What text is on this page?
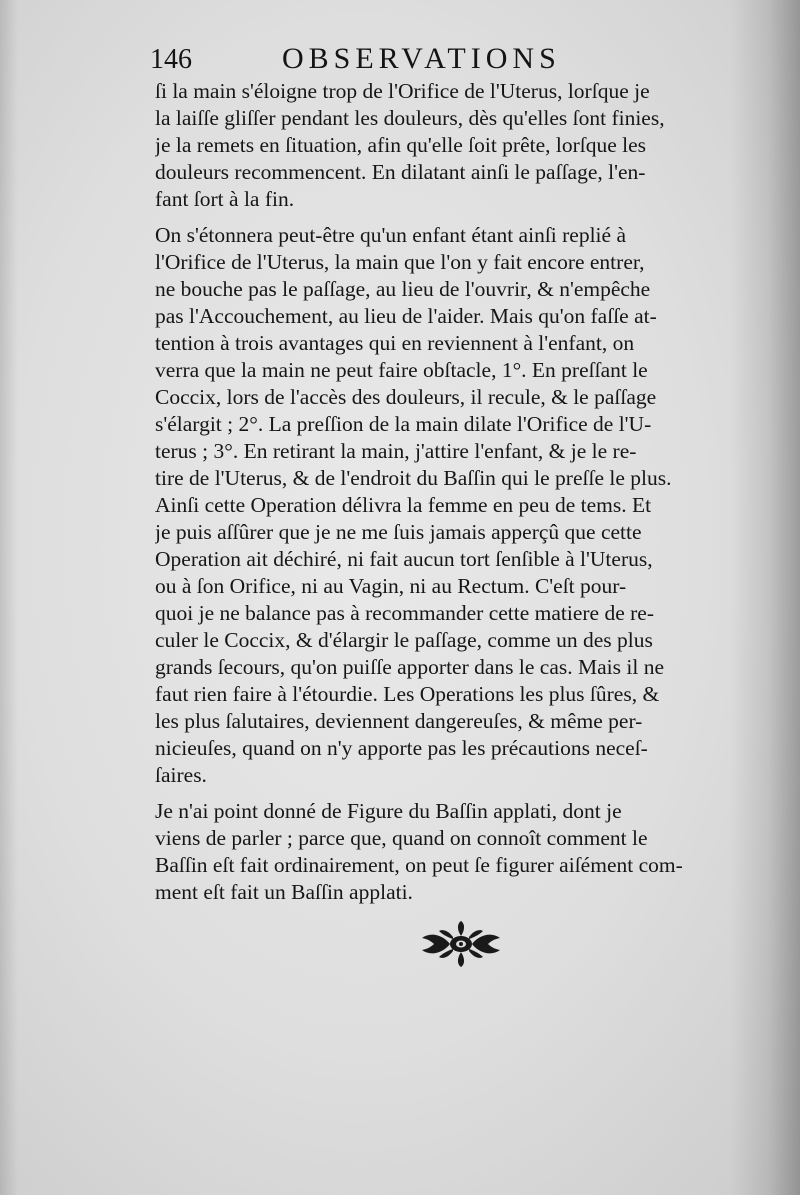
146	OBSERVATIONS
ſi la main s'éloigne trop de l'Orifice de l'Uterus, lorſque je
la laiſſe gliſſer pendant les douleurs, dès qu'elles ſont finies,
je la remets en ſituation, afin qu'elle ſoit prête, lorſque les
douleurs recommencent. En dilatant ainſi le paſſage, l'en-
fant ſort à la fin.
On s'étonnera peut-être qu'un enfant étant ainſi replié à
l'Orifice de l'Uterus, la main que l'on y fait encore entrer,
ne bouche pas le paſſage, au lieu de l'ouvrir, & n'empêche
pas l'Accouchement, au lieu de l'aider. Mais qu'on faſſe at-
tention à trois avantages qui en reviennent à l'enfant, on
verra que la main ne peut faire obſtacle, 1°. En preſſant le
Coccix, lors de l'accès des douleurs, il recule, & le paſſage
s'élargit ; 2°. La preſſion de la main dilate l'Orifice de l'U-
terus ; 3°. En retirant la main, j'attire l'enfant, & je le re-
tire de l'Uterus, & de l'endroit du Baſſin qui le preſſe le plus.
Ainſi cette Operation délivra la femme en peu de tems. Et
je puis aſſûrer que je ne me ſuis jamais apperçû que cette
Operation ait déchiré, ni fait aucun tort ſenſible à l'Uterus,
ou à ſon Orifice, ni au Vagin, ni au Rectum. C'eſt pour-
quoi je ne balance pas à recommander cette matiere de re-
culer le Coccix, & d'élargir le paſſage, comme un des plus
grands ſecours, qu'on puiſſe apporter dans le cas. Mais il ne
faut rien faire à l'étourdie. Les Operations les plus ſûres, &
les plus ſalutaires, deviennent dangereuſes, & même per-
nicieuſes, quand on n'y apporte pas les précautions neceſ-
ſaires.
Je n'ai point donné de Figure du Baſſin applati, dont je
viens de parler ; parce que, quand on connoît comment le
Baſſin eſt fait ordinairement, on peut ſe figurer aiſément com-
ment eſt fait un Baſſin applati.
